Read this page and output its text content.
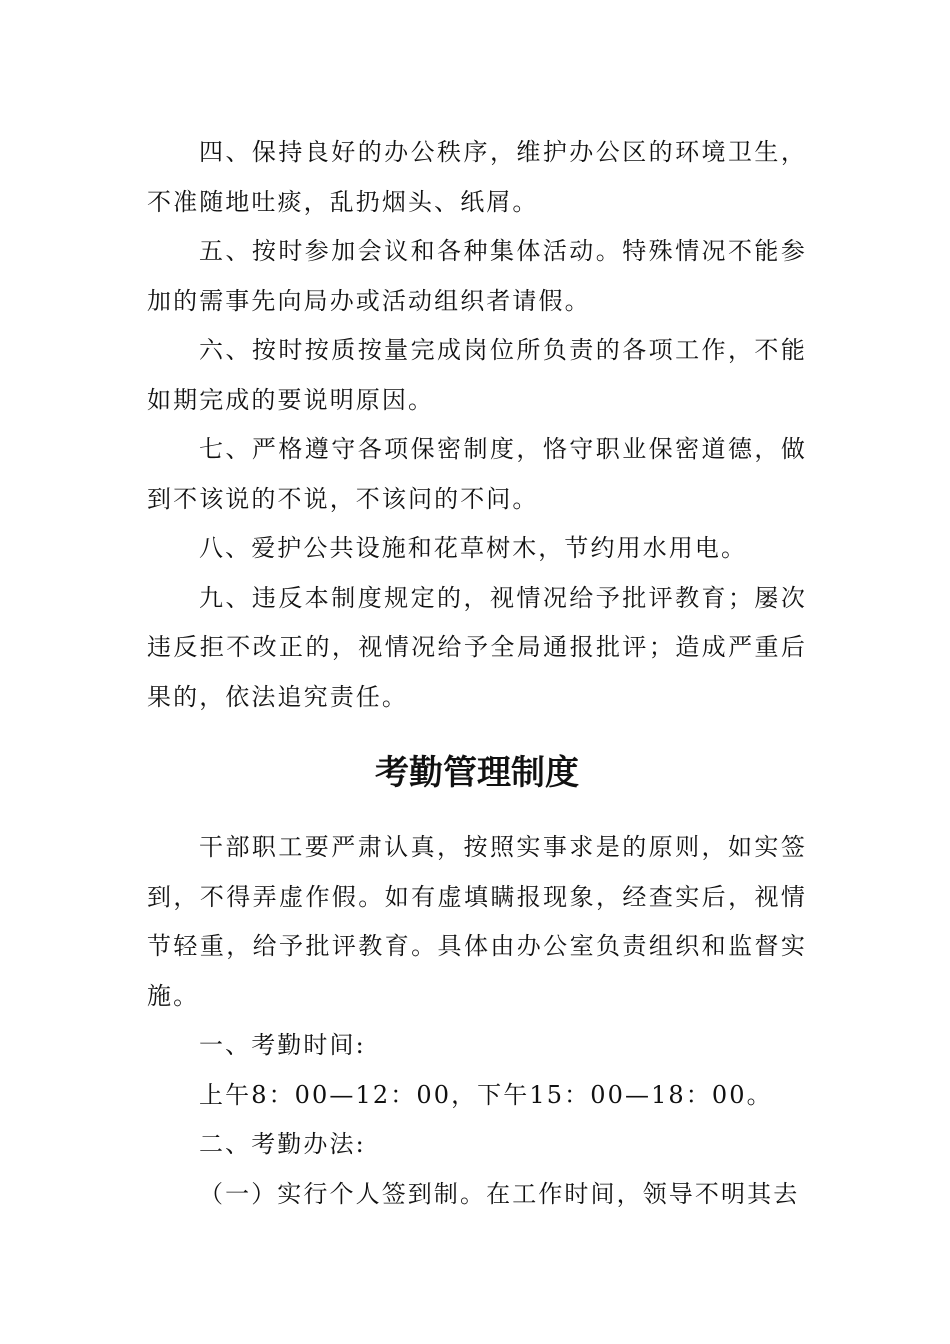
四、保持良好的办公秩序，维护办公区的环境卫生，不准随地吐痰，乱扔烟头、纸屑。

五、按时参加会议和各种集体活动。特殊情况不能参加的需事先向局办或活动组织者请假。

六、按时按质按量完成岗位所负责的各项工作，不能如期完成的要说明原因。

七、严格遵守各项保密制度，恪守职业保密道德，做到不该说的不说，不该问的不问。

八、爱护公共设施和花草树木，节约用水用电。

九、违反本制度规定的，视情况给予批评教育；屡次违反拒不改正的，视情况给予全局通报批评；造成严重后果的，依法追究责任。

考勤管理制度

干部职工要严肃认真，按照实事求是的原则，如实签到，不得弄虚作假。如有虚填瞒报现象，经查实后，视情节轻重，给予批评教育。具体由办公室负责组织和监督实施。

一、考勤时间:

上午8：00—12：00，下午15：00—18：00。

二、考勤办法:

（一）实行个人签到制。在工作时间，领导不明其去
